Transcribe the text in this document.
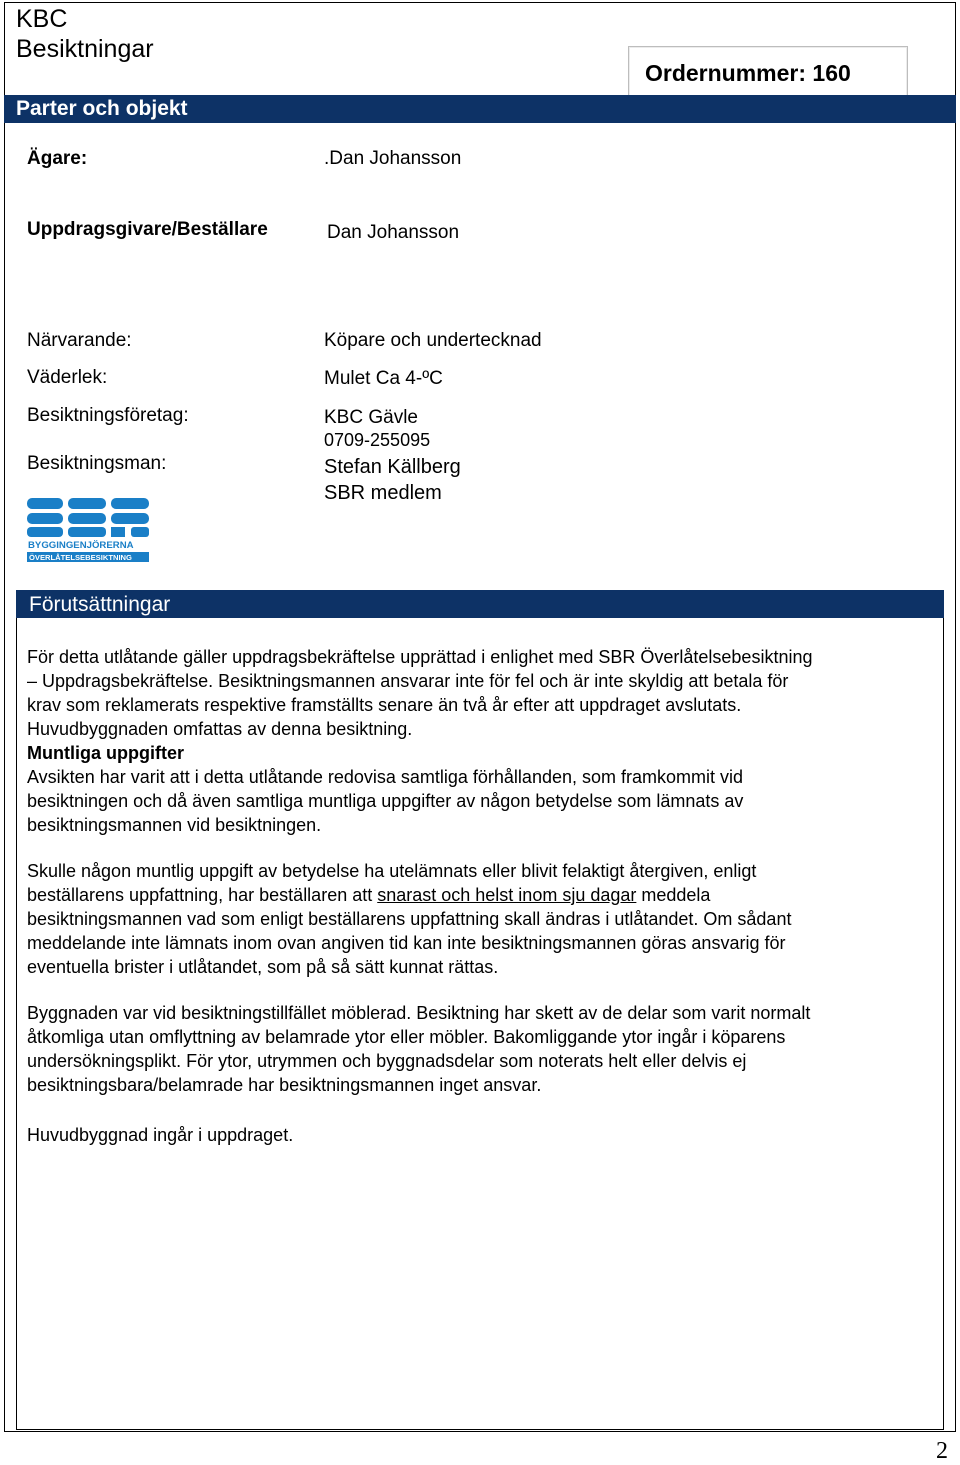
KBC
Besiktningar
Ordernummer: 160
Parter och objekt
Ägare:	.Dan Johansson
Uppdragsgivare/Beställare	Dan Johansson
Närvarande:	Köpare och undertecknad
Väderlek:	Mulet Ca 4-ºC
Besiktningsföretag:	KBC Gävle
0709-255095
Besiktningsman:	Stefan Källberg
SBR medlem
BYGGINGENJÖRERNA
ÖVERLÅTELSEBESIKTNING
Förutsättningar
För detta utlåtande gäller uppdragsbekräftelse upprättad i enlighet med SBR Överlåtelsebesiktning
– Uppdragsbekräftelse. Besiktningsmannen ansvarar inte för fel och är inte skyldig att betala för
krav som reklamerats respektive framställts senare än två år efter att uppdraget avslutats.
Huvudbyggnaden omfattas av denna besiktning.
Muntliga uppgifter
Avsikten har varit att i detta utlåtande redovisa samtliga förhållanden, som framkommit vid
besiktningen och då även samtliga muntliga uppgifter av någon betydelse som lämnats av
besiktningsmannen vid besiktningen.
Skulle någon muntlig uppgift av betydelse ha utelämnats eller blivit felaktigt återgiven, enligt
beställarens uppfattning, har beställaren att snarast och helst inom sju dagar meddela
besiktningsmannen vad som enligt beställarens uppfattning skall ändras i utlåtandet. Om sådant
meddelande inte lämnats inom ovan angiven tid kan inte besiktningsmannen göras ansvarig för
eventuella brister i utlåtandet, som på så sätt kunnat rättas.
Byggnaden var vid besiktningstillfället möblerad. Besiktning har skett av de delar som varit normalt
åtkomliga utan omflyttning av belamrade ytor eller möbler. Bakomliggande ytor ingår i köparens
undersökningsplikt. För ytor, utrymmen och byggnadsdelar som noterats helt eller delvis ej
besiktningsbara/belamrade har besiktningsmannen inget ansvar.
Huvudbyggnad ingår i uppdraget.
2
